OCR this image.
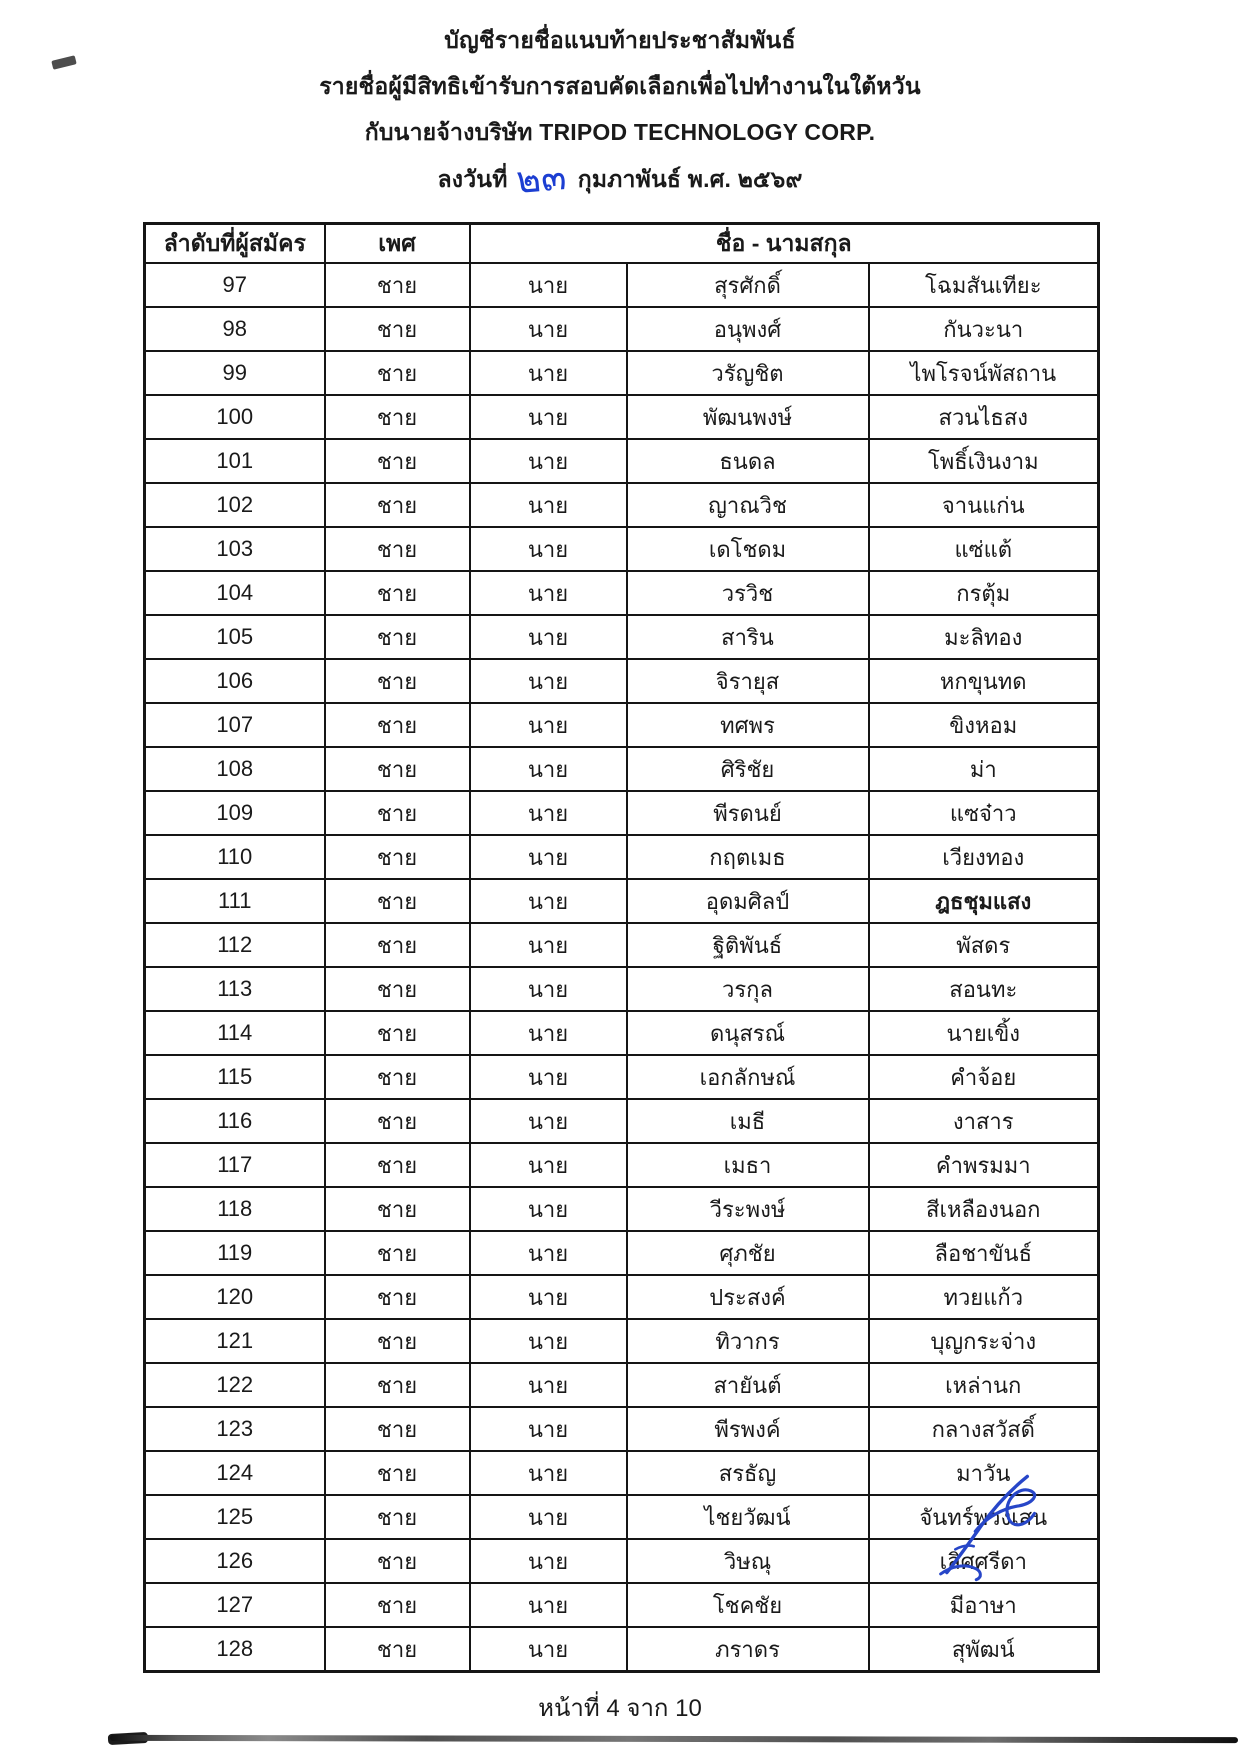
บัญชีรายชื่อแนบท้ายประชาสัมพันธ์
รายชื่อผู้มีสิทธิเข้ารับการสอบคัดเลือกเพื่อไปทำงานในใต้หวัน
กับนายจ้างบริษัท TRIPOD TECHNOLOGY CORP.
ลงวันที่ ๒๓ กุมภาพันธ์ พ.ศ. ๒๕๖๙
ลำดับที่ผู้สมัคร	เพศ	ชื่อ - นามสกุล		
97	ชาย	นาย	สุรศักดิ์	โฉมสันเทียะ
98	ชาย	นาย	อนุพงศ์	กันวะนา
99	ชาย	นาย	วรัญชิต	ไพโรจน์พัสถาน
100	ชาย	นาย	พัฒนพงษ์	สวนไธสง
101	ชาย	นาย	ธนดล	โพธิ์เงินงาม
102	ชาย	นาย	ญาณวิช	จานแก่น
103	ชาย	นาย	เดโชดม	แซ่แต้
104	ชาย	นาย	วรวิช	กรตุ้ม
105	ชาย	นาย	สาริน	มะลิทอง
106	ชาย	นาย	จิรายุส	หกขุนทด
107	ชาย	นาย	ทศพร	ขิงหอม
108	ชาย	นาย	ศิริชัย	ม่า
109	ชาย	นาย	พีรดนย์	แซจ๋าว
110	ชาย	นาย	กฤตเมธ	เวียงทอง
111	ชาย	นาย	อุดมศิลป์	ฎธชุมแสง
112	ชาย	นาย	ฐิติพันธ์	พัสดร
113	ชาย	นาย	วรกุล	สอนทะ
114	ชาย	นาย	ดนุสรณ์	นายเขิ้ง
115	ชาย	นาย	เอกลักษณ์	คำจ้อย
116	ชาย	นาย	เมธี	งาสาร
117	ชาย	นาย	เมธา	คำพรมมา
118	ชาย	นาย	วีระพงษ์	สีเหลืองนอก
119	ชาย	นาย	ศุภชัย	ลือชาขันธ์
120	ชาย	นาย	ประสงค์	ทวยแก้ว
121	ชาย	นาย	ทิวากร	บุญกระจ่าง
122	ชาย	นาย	สายันต์	เหล่านก
123	ชาย	นาย	พีรพงค์	กลางสวัสดิ์
124	ชาย	นาย	สรธัญ	มาวัน
125	ชาย	นาย	ไชยวัฒน์	จันทร์พวงเสน
126	ชาย	นาย	วิษณุ	เลิศศรีดา
127	ชาย	นาย	โชคชัย	มีอาษา
128	ชาย	นาย	ภราดร	สุพัฒน์
หน้าที่ 4 จาก 10
